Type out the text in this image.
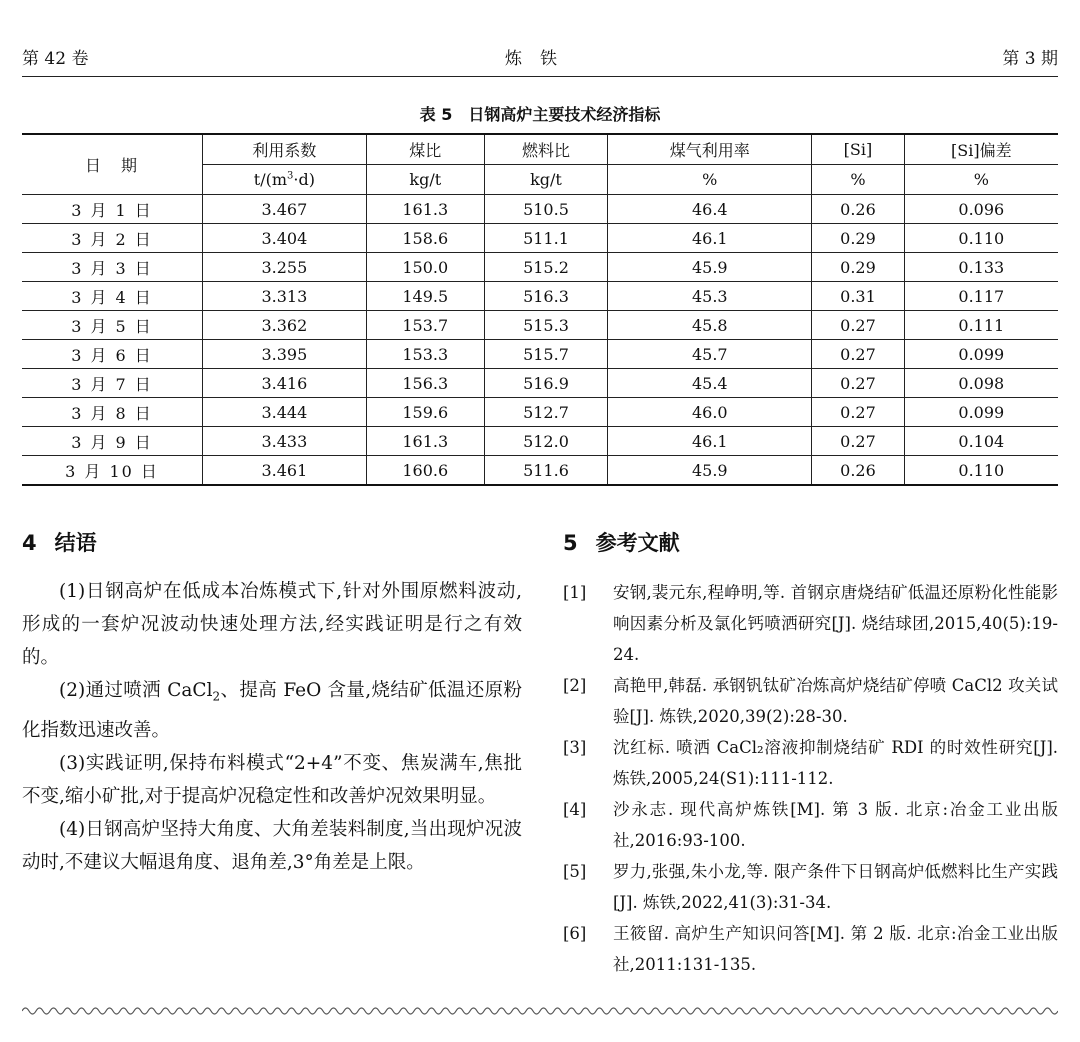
第 42 卷	炼铁	第 3 期
表 5　日钢高炉主要技术经济指标
日　期	利用系数	煤比	燃料比	煤气利用率	[Si]	[Si]偏差
	$t/(m^3\cdot d)$	kg/t	kg/t	%	%	%
3 月 1 日	3.467	161.3	510.5	46.4	0.26	0.096
3 月 2 日	3.404	158.6	511.1	46.1	0.29	0.110
3 月 3 日	3.255	150.0	515.2	45.9	0.29	0.133
3 月 4 日	3.313	149.5	516.3	45.3	0.31	0.117
3 月 5 日	3.362	153.7	515.3	45.8	0.27	0.111
3 月 6 日	3.395	153.3	515.7	45.7	0.27	0.099
3 月 7 日	3.416	156.3	516.9	45.4	0.27	0.098
3 月 8 日	3.444	159.6	512.7	46.0	0.27	0.099
3 月 9 日	3.433	161.3	512.0	46.1	0.27	0.104
3 月 10 日	3.461	160.6	511.6	45.9	0.26	0.110
4 结语

(1)日钢高炉在低成本冶炼模式下,针对外围原燃料波动,形成的一套炉况波动快速处理方法,经实践证明是行之有效的。

(2)通过喷洒 CaCl$_2$、提高 FeO 含量,烧结矿低温还原粉化指数迅速改善。

(3)实践证明,保持布料模式“2+4”不变、焦炭满车,焦批不变,缩小矿批,对于提高炉况稳定性和改善炉况效果明显。

(4)日钢高炉坚持大角度、大角差装料制度,当出现炉况波动时,不建议大幅退角度、退角差,3°角差是上限。

5 参考文献
[1]	安钢,裴元东,程峥明,等. 首钢京唐烧结矿低温还原粉化性能影响因素分析及氯化钙喷洒研究[J]. 烧结球团,2015,40(5):19-24.
[2]	高艳甲,韩磊. 承钢钒钛矿冶炼高炉烧结矿停喷 CaCl2 攻关试验[J]. 炼铁,2020,39(2):28-30.
[3]	沈红标. 喷洒 CaCl₂溶液抑制烧结矿 RDI 的时效性研究[J]. 炼铁,2005,24(S1):111-112.
[4]	沙永志. 现代高炉炼铁[M]. 第 3 版. 北京:冶金工业出版社,2016:93-100.
[5]	罗力,张强,朱小龙,等. 限产条件下日钢高炉低燃料比生产实践[J]. 炼铁,2022,41(3):31-34.
[6]	王筱留. 高炉生产知识问答[M]. 第 2 版. 北京:冶金工业出版社,2011:131-135.
